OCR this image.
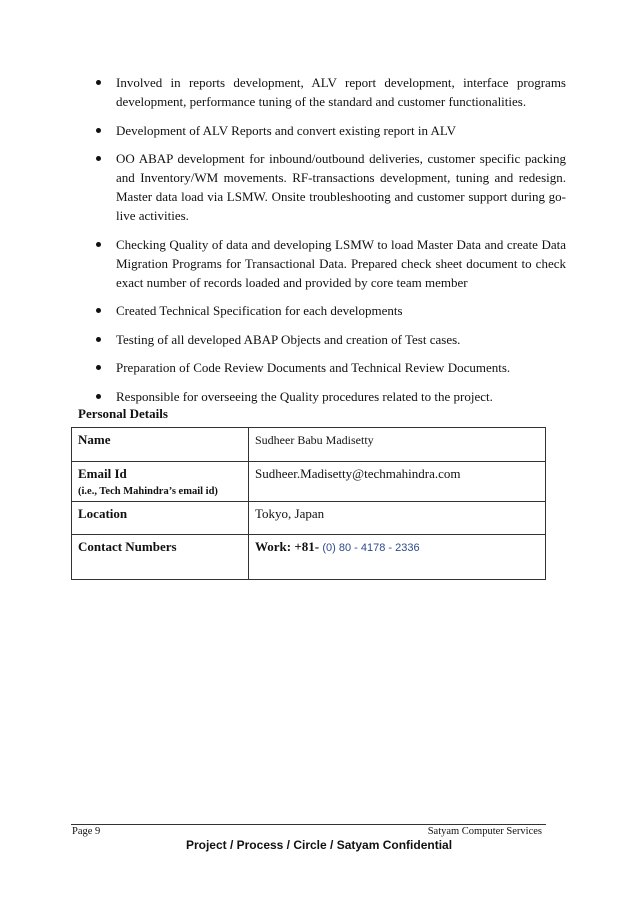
Involved in reports development, ALV report development, interface programs development, performance tuning of the standard and customer functionalities.
Development of ALV Reports and convert existing report in ALV
OO ABAP development for inbound/outbound deliveries, customer specific packing and Inventory/WM movements. RF-transactions development, tuning and redesign. Master data load via LSMW. Onsite troubleshooting and customer support during go-live activities.
Checking Quality of data and developing LSMW to load Master Data and create Data Migration Programs for Transactional Data. Prepared check sheet document to check exact number of records loaded and provided by core team member
Created Technical Specification for each developments
Testing of all developed ABAP Objects and creation of Test cases.
Preparation of Code Review Documents and Technical Review Documents.
Responsible for overseeing the Quality procedures related to the project.
Personal Details
Name	Sudheer Babu Madisetty
Email Id
(i.e., Tech Mahindra’s email id)	Sudheer.Madisetty@techmahindra.com
Location	Tokyo, Japan
Contact Numbers	Work: +81- (0) 80 - 4178 - 2336
Page 9	Satyam Computer Services
Project / Process / Circle / Satyam Confidential
